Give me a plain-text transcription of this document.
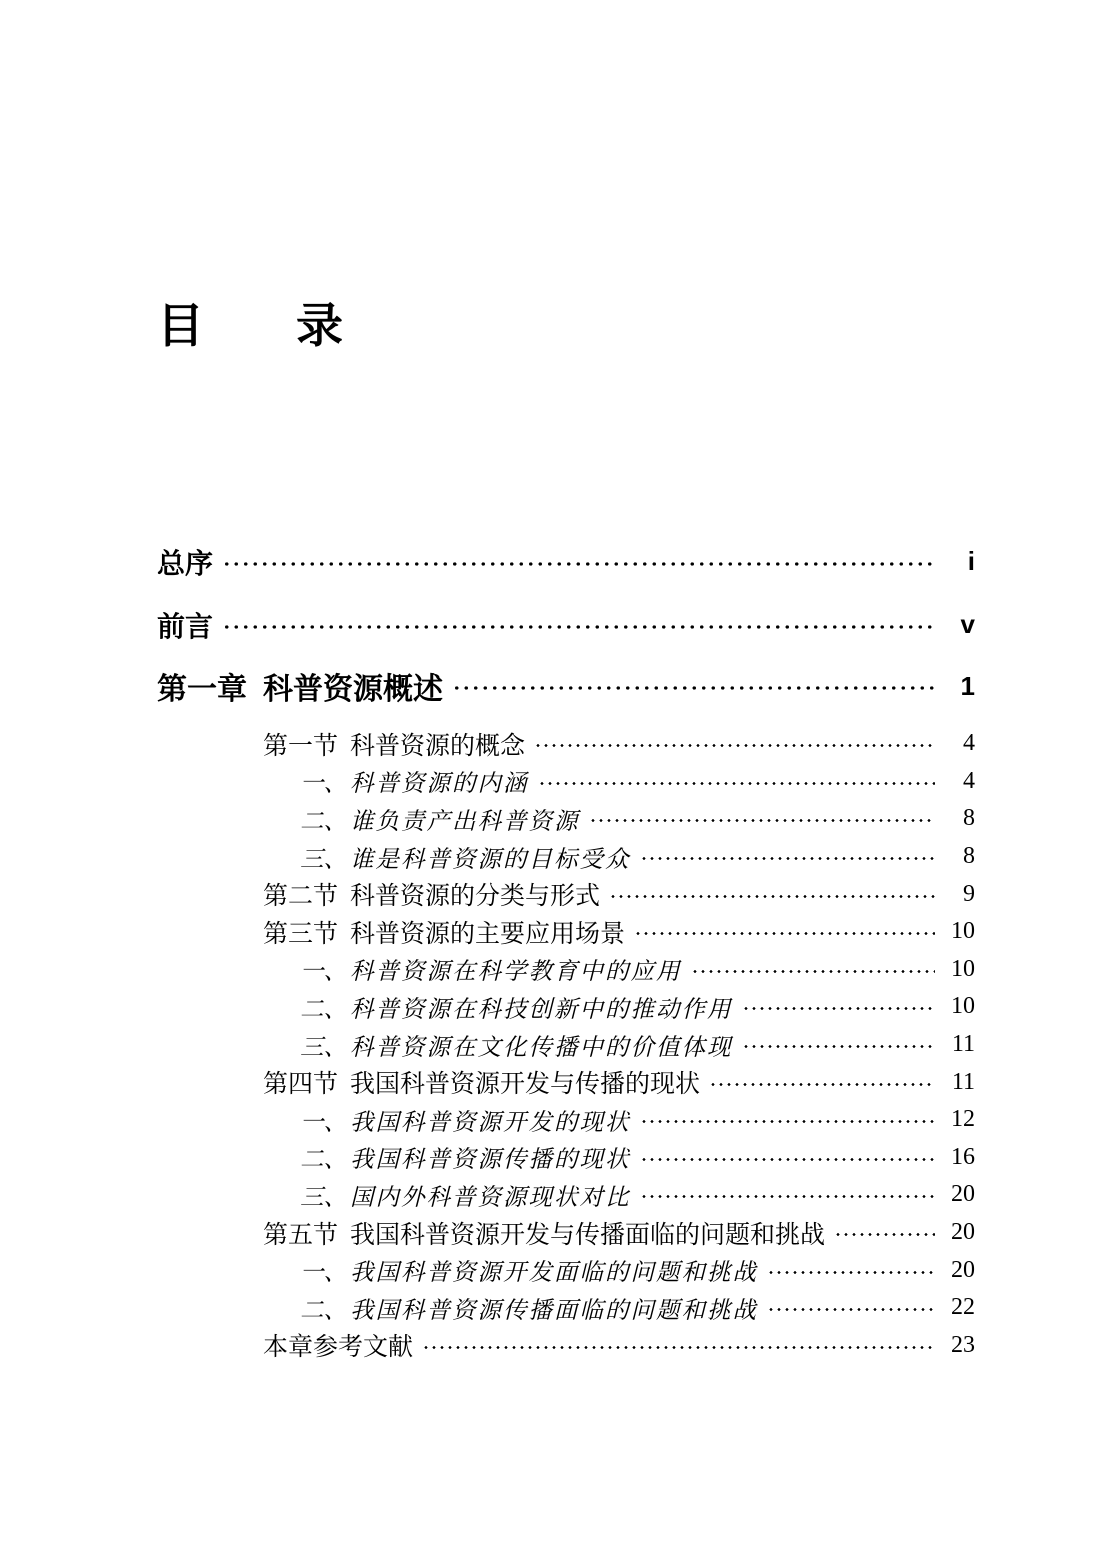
目 录
总序	i
前言	v
第一章 科普资源概述	1
第一节 科普资源的概念	4
一、 科普资源的内涵	4
二、 谁负责产出科普资源	8
三、 谁是科普资源的目标受众	8
第二节 科普资源的分类与形式	9
第三节 科普资源的主要应用场景	10
一、 科普资源在科学教育中的应用	10
二、 科普资源在科技创新中的推动作用	10
三、 科普资源在文化传播中的价值体现	11
第四节 我国科普资源开发与传播的现状	11
一、 我国科普资源开发的现状	12
二、 我国科普资源传播的现状	16
三、 国内外科普资源现状对比	20
第五节 我国科普资源开发与传播面临的问题和挑战	20
一、 我国科普资源开发面临的问题和挑战	20
二、 我国科普资源传播面临的问题和挑战	22
本章参考文献	23
